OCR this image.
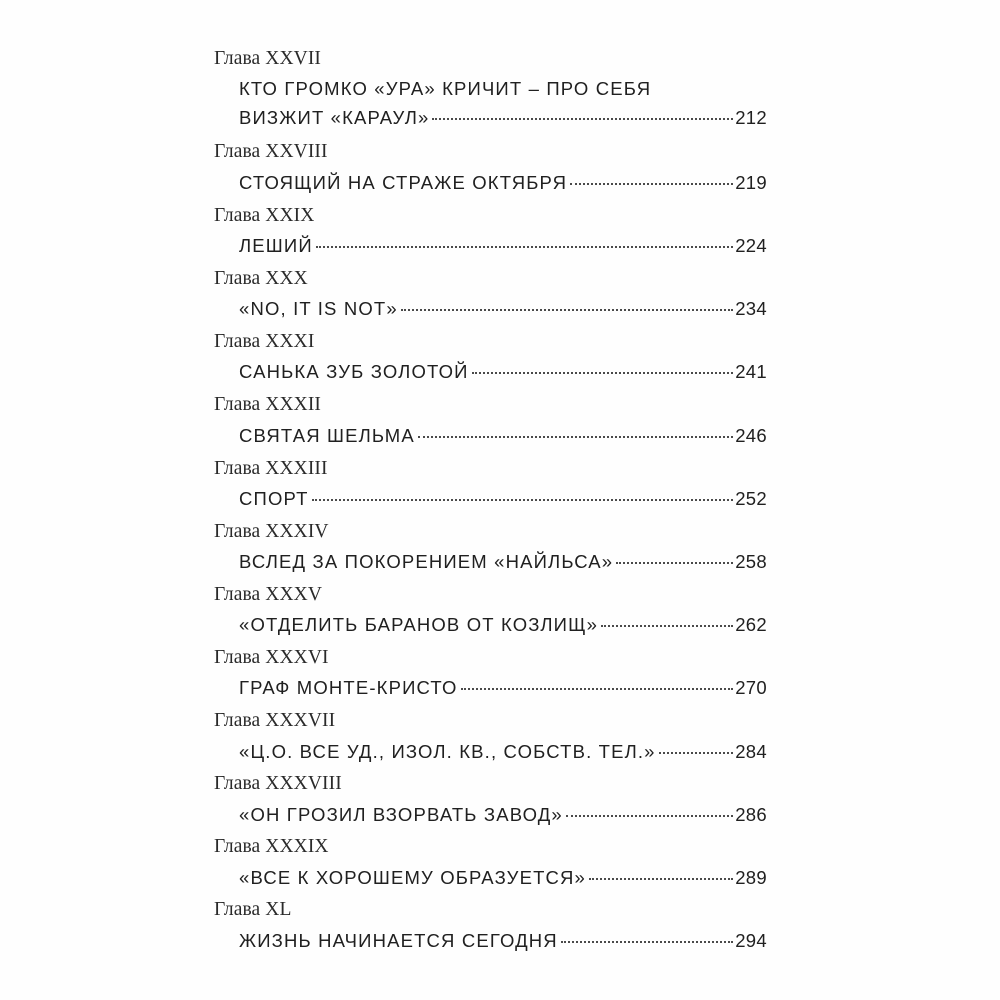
Глава XXVII
КТО ГРОМКО «УРА» КРИЧИТ – ПРО СЕБЯ
ВИЗЖИТ «КАРАУЛ»	212
Глава XXVIII
СТОЯЩИЙ НА СТРАЖЕ ОКТЯБРЯ	219
Глава XXIX
ЛЕШИЙ	224
Глава XXX
«NO, IT IS NOT»	234
Глава XXXI
САНЬКА ЗУБ ЗОЛОТОЙ	241
Глава XXXII
СВЯТАЯ ШЕЛЬМА	246
Глава XXXIII
СПОРТ	252
Глава XXXIV
ВСЛЕД ЗА ПОКОРЕНИЕМ «НАЙЛЬСА»	258
Глава XXXV
«ОТДЕЛИТЬ БАРАНОВ ОТ КОЗЛИЩ»	262
Глава XXXVI
ГРАФ МОНТЕ-КРИСТО	270
Глава XXXVII
«Ц.О. ВСЕ УД., ИЗОЛ. КВ., СОБСТВ. ТЕЛ.»	284
Глава XXXVIII
«ОН ГРОЗИЛ ВЗОРВАТЬ ЗАВОД»	286
Глава XXXIX
«ВСЕ К ХОРОШЕМУ ОБРАЗУЕТСЯ»	289
Глава XL
ЖИЗНЬ НАЧИНАЕТСЯ СЕГОДНЯ	294
